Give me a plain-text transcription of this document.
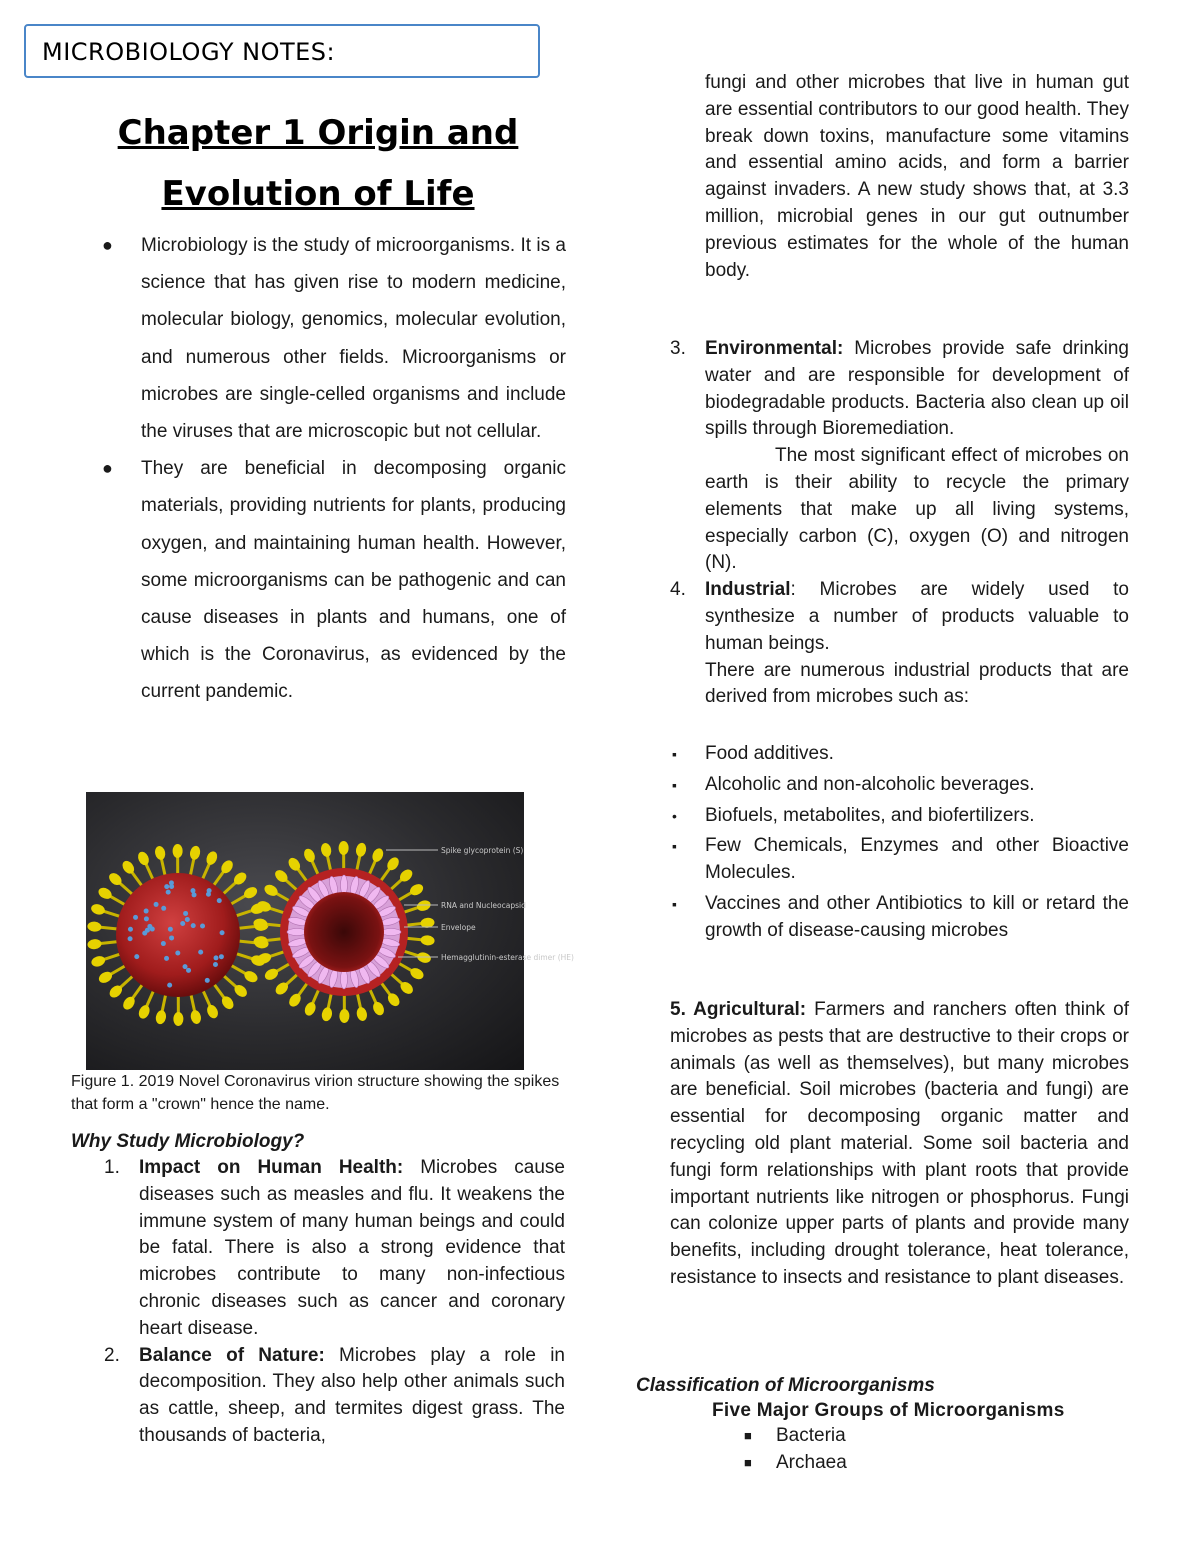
MICROBIOLOGY NOTES:
Chapter 1 Origin and
Evolution of Life
● Microbiology is the study of microorganisms. It is a science that has given rise to modern medicine, molecular biology, genomics, molecular evolution, and numerous other fields. Microorganisms or microbes are single-celled organisms and include the viruses that are microscopic but not cellular.
● They are beneficial in decomposing organic materials, providing nutrients for plants, producing oxygen, and maintaining human health. However, some microorganisms can be pathogenic and can cause diseases in plants and humans, one of which is the Coronavirus, as evidenced by the current pandemic.
Spike glycoprotein (S)
RNA and Nucleocapsid
Envelope
Hemagglutinin-esterase dimer (HE)
Figure 1. 2019 Novel Coronavirus virion structure showing the spikes that form a "crown" hence the name.
Why Study Microbiology?
1. Impact on Human Health: Microbes cause diseases such as measles and flu. It weakens the immune system of many human beings and could be fatal. There is also a strong evidence that microbes contribute to many non-infectious chronic diseases such as cancer and coronary heart disease.
2. Balance of Nature: Microbes play a role in decomposition. They also help other animals such as cattle, sheep, and termites digest grass. The thousands of bacteria,
fungi and other microbes that live in human gut are essential contributors to our good health. They break down toxins, manufacture some vitamins and essential amino acids, and form a barrier against invaders. A new study shows that, at 3.3 million, microbial genes in our gut outnumber previous estimates for the whole of the human body.
3. Environmental: Microbes provide safe drinking water and are responsible for development of biodegradable products. Bacteria also clean up oil spills through Bioremediation.
The most significant effect of microbes on earth is their ability to recycle the primary elements that make up all living systems, especially carbon (C), oxygen (O) and nitrogen (N).
4. Industrial: Microbes are widely used to synthesize a number of products valuable to human beings.
There are numerous industrial products that are derived from microbes such as:
▪ Food additives.
▪ Alcoholic and non-alcoholic beverages.
• Biofuels, metabolites, and biofertilizers.
▪ Few Chemicals, Enzymes and other Bioactive Molecules.
▪ Vaccines and other Antibiotics to kill or retard the growth of disease-causing microbes
5. Agricultural: Farmers and ranchers often think of microbes as pests that are destructive to their crops or animals (as well as themselves), but many microbes are beneficial. Soil microbes (bacteria and fungi) are essential for decomposing organic matter and recycling old plant material. Some soil bacteria and fungi form relationships with plant roots that provide important nutrients like nitrogen or phosphorus. Fungi can colonize upper parts of plants and provide many benefits, including drought tolerance, heat tolerance, resistance to insects and resistance to plant diseases.
Classification of Microorganisms
Five Major Groups of Microorganisms
■ Bacteria
■ Archaea
